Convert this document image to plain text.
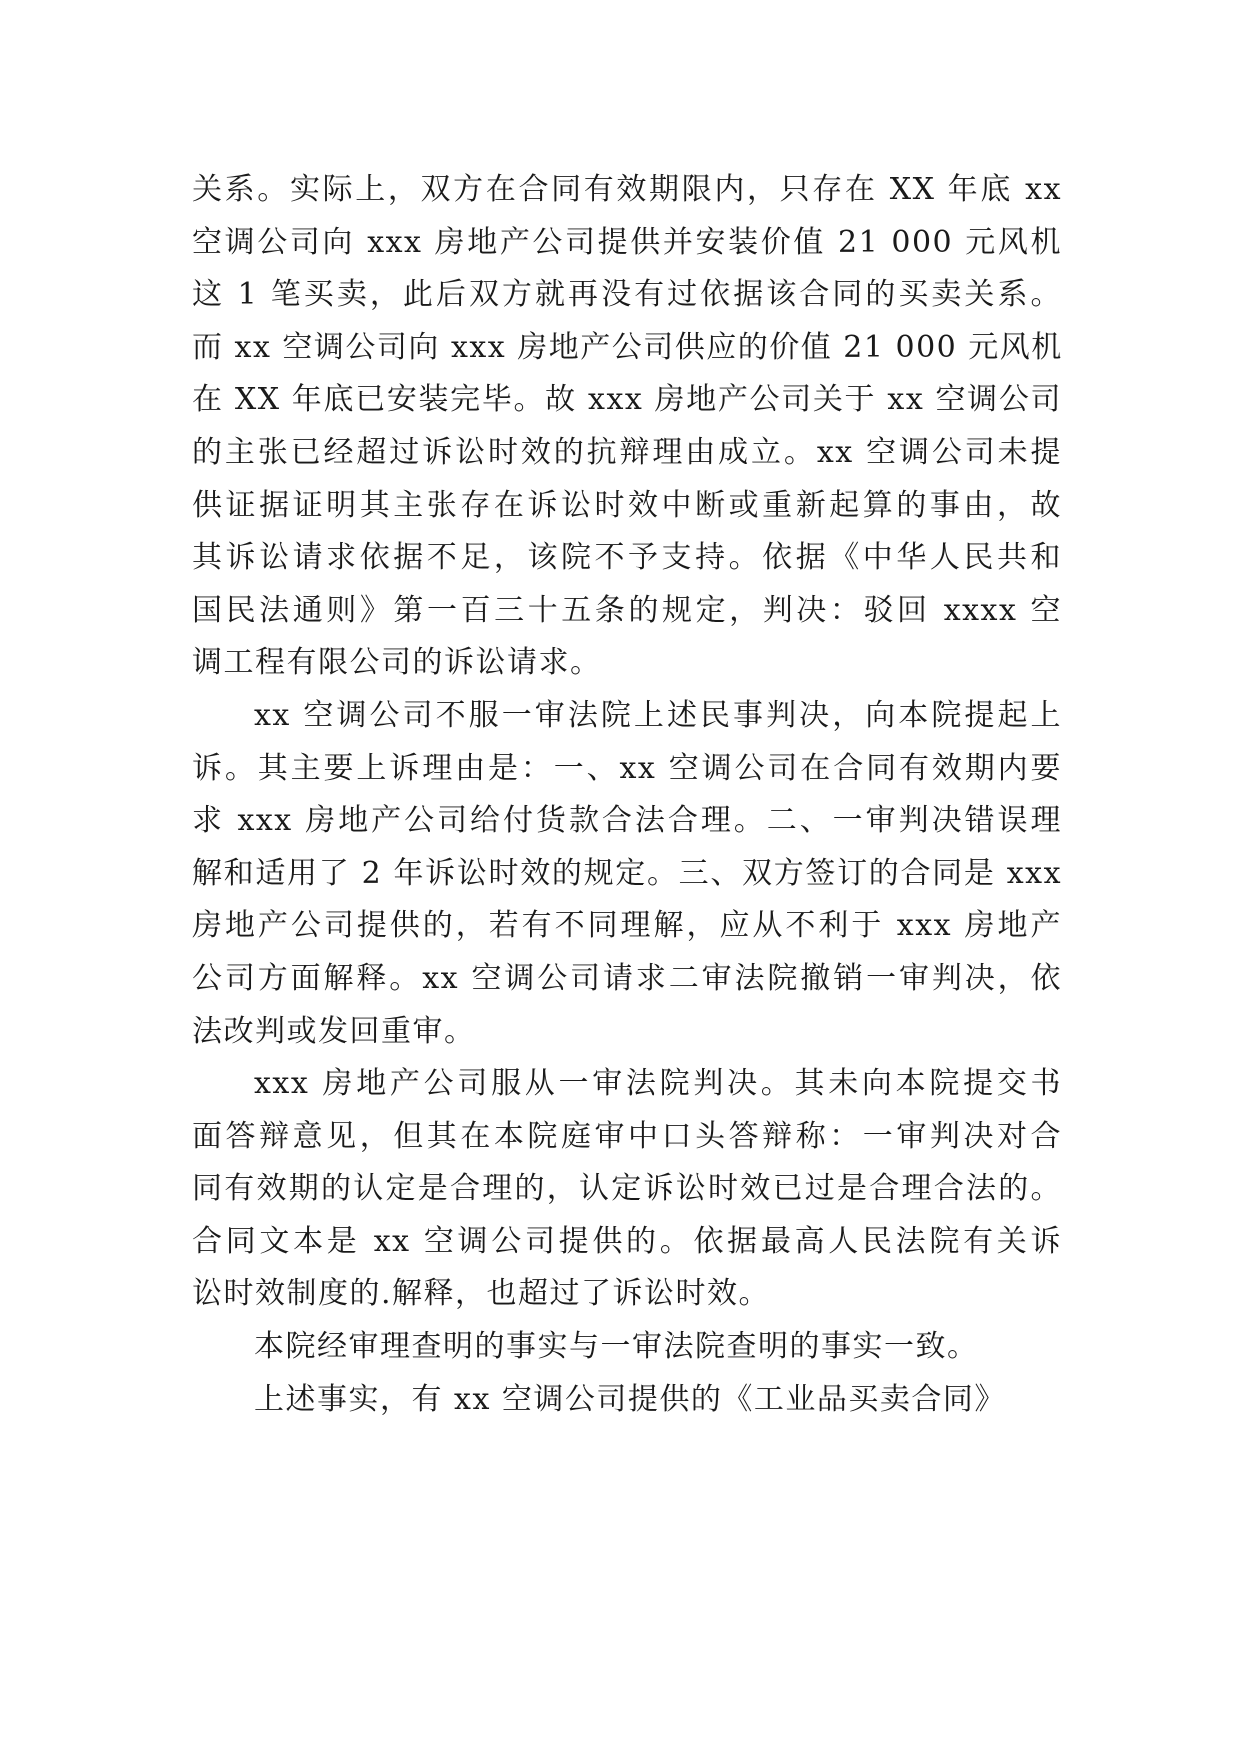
关系。实际上，双方在合同有效期限内，只存在 XX 年底 xx
空调公司向 xxx 房地产公司提供并安装价值 21 000 元风机
这 1 笔买卖，此后双方就再没有过依据该合同的买卖关系。
而 xx 空调公司向 xxx 房地产公司供应的价值 21 000 元风机
在 XX 年底已安装完毕。故 xxx 房地产公司关于 xx 空调公司
的主张已经超过诉讼时效的抗辩理由成立。xx 空调公司未提
供证据证明其主张存在诉讼时效中断或重新起算的事由，故
其诉讼请求依据不足，该院不予支持。依据《中华人民共和
国民法通则》第一百三十五条的规定，判决：驳回 xxxx 空
调工程有限公司的诉讼请求。
xx 空调公司不服一审法院上述民事判决，向本院提起上
诉。其主要上诉理由是：一、xx 空调公司在合同有效期内要
求 xxx 房地产公司给付货款合法合理。二、一审判决错误理
解和适用了 2 年诉讼时效的规定。三、双方签订的合同是 xxx
房地产公司提供的，若有不同理解，应从不利于 xxx 房地产
公司方面解释。xx 空调公司请求二审法院撤销一审判决，依
法改判或发回重审。
xxx 房地产公司服从一审法院判决。其未向本院提交书
面答辩意见，但其在本院庭审中口头答辩称：一审判决对合
同有效期的认定是合理的，认定诉讼时效已过是合理合法的。
合同文本是 xx 空调公司提供的。依据最高人民法院有关诉
讼时效制度的.解释，也超过了诉讼时效。
本院经审理查明的事实与一审法院查明的事实一致。
上述事实，有 xx 空调公司提供的《工业品买卖合同》
